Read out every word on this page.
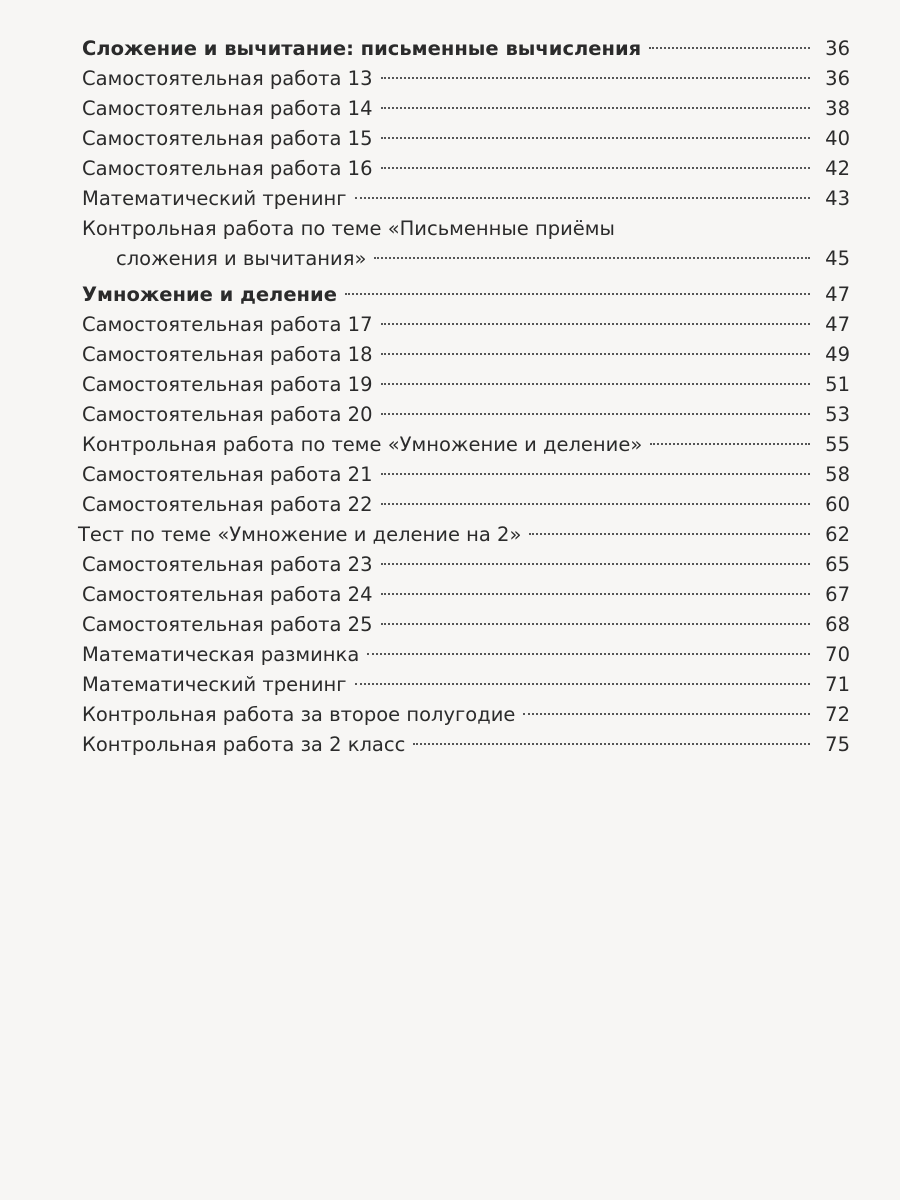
Сложение и вычитание: письменные вычисления	36
Самостоятельная работа 13	36
Самостоятельная работа 14	38
Самостоятельная работа 15	40
Самостоятельная работа 16	42
Математический тренинг	43
Контрольная работа по теме «Письменные приёмы
сложения и вычитания»	45
Умножение и деление	47
Самостоятельная работа 17	47
Самостоятельная работа 18	49
Самостоятельная работа 19	51
Самостоятельная работа 20	53
Контрольная работа по теме «Умножение и деление»	55
Самостоятельная работа 21	58
Самостоятельная работа 22	60
Тест по теме «Умножение и деление на 2»	62
Самостоятельная работа 23	65
Самостоятельная работа 24	67
Самостоятельная работа 25	68
Математическая разминка	70
Математический тренинг	71
Контрольная работа за второе полугодие	72
Контрольная работа за 2 класс	75
